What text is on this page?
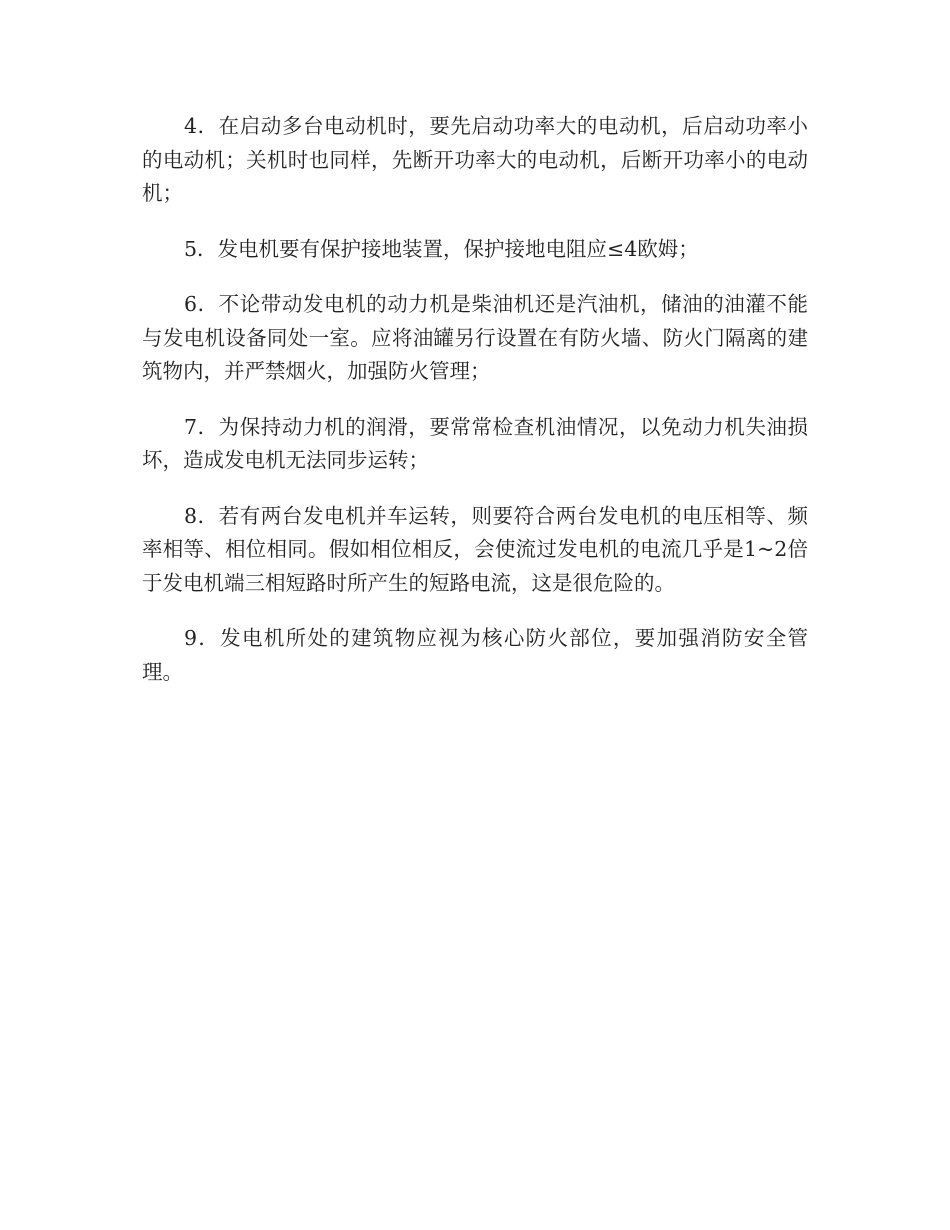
4．在启动多台电动机时，要先启动功率大的电动机，后启动功率小的电动机；关机时也同样，先断开功率大的电动机，后断开功率小的电动机；

5．发电机要有保护接地装置，保护接地电阻应≤4欧姆；

6．不论带动发电机的动力机是柴油机还是汽油机，储油的油灌不能与发电机设备同处一室。应将油罐另行设置在有防火墙、防火门隔离的建筑物内，并严禁烟火，加强防火管理；

7．为保持动力机的润滑，要常常检查机油情况，以免动力机失油损坏，造成发电机无法同步运转；

8．若有两台发电机并车运转，则要符合两台发电机的电压相等、频率相等、相位相同。假如相位相反，会使流过发电机的电流几乎是1~2倍于发电机端三相短路时所产生的短路电流，这是很危险的。

9．发电机所处的建筑物应视为核心防火部位，要加强消防安全管理。
